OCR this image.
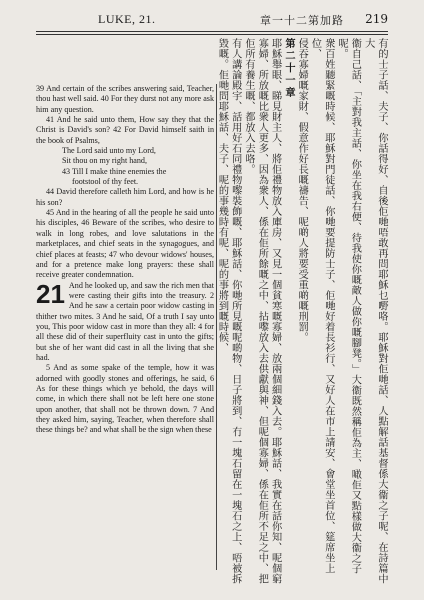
LUKE, 21.	章一十二第加路 219

39 And certain of the scribes answering said, Teacher, thou hast well said. 40 For they durst not any more ask him any question.

41 And he said unto them, How say they that the Christ is David's son? 42 For David himself saith in the book of Psalms,

The Lord said unto my Lord,

Sit thou on my right hand,

43 Till I make thine enemies the

footstool of thy feet.

44 David therefore calleth him Lord, and how is he his son?

45 And in the hearing of all the people he said unto his disciples, 46 Beware of the scribes, who desire to walk in long robes, and love salutations in the marketplaces, and chief seats in the synagogues, and chief places at feasts; 47 who devour widows' houses, and for a pretence make long prayers: these shall receive greater condemnation.

21 And he looked up, and saw the rich men that were casting their gifts into the treasury. 2 And he saw a certain poor widow casting in thither two mites. 3 And he said, Of a truth I say unto you, This poor widow cast in more than they all: 4 for all these did of their superfluity cast in unto the gifts; but she of her want did cast in all the living that she had.

5 And as some spake of the temple, how it was adorned with goodly stones and offerings, he said, 6 As for these things which ye behold, the days will come, in which there shall not be left here one stone upon another, that shall not be thrown down. 7 And they asked him, saying, Teacher, when therefore shall these things be? and what shall be the sign when these	有的士子話、夫子、你話得好、自後佢哋唔敢再問耶穌乜嘢咯。耶穌對佢哋話、人點解話基督係大衞之子呢、在詩篇中大

衞自己話、「主對我主話、你坐在我右便、待我使你嘅敵人做你嘅腳凳。」大衞既然稱佢為主、噉佢又點樣做大衞之子呢。

衆百姓聽緊嘅時候、耶穌對門徒話、你哋要提防士子、佢哋好着長衫行、又好人在市上請安、會堂坐首位、筵席坐上位、

侵吞寡婦嘅家財、假意作好長嘅禱告、呢啲人將要受重啲嘅刑罰。

第二十一章

耶穌舉眼、睇見財主人、將佢禮物放入庫房、又見一個貧寒嘅寡婦、放兩個細錢入去。耶穌話、我實在話你知、呢個窮寡婦、所放嘅比衆人更多、因為衆人、係在佢所餘嘅之中、拈嚟放入去供獻與神、但呢個寡婦、係在佢所不足之中、把佢所有養生嘅、都放入去咯。

有人講論殿宇、話用好石同禮物嚟裝飾嘅、耶穌話、你哋所見嘅呢啲物、日子將到、冇一塊石留在一塊石之上、唔被拆毀嘅。佢哋問耶穌話、夫子、呢的事幾時有呢、呢的事將到嘅時候、
